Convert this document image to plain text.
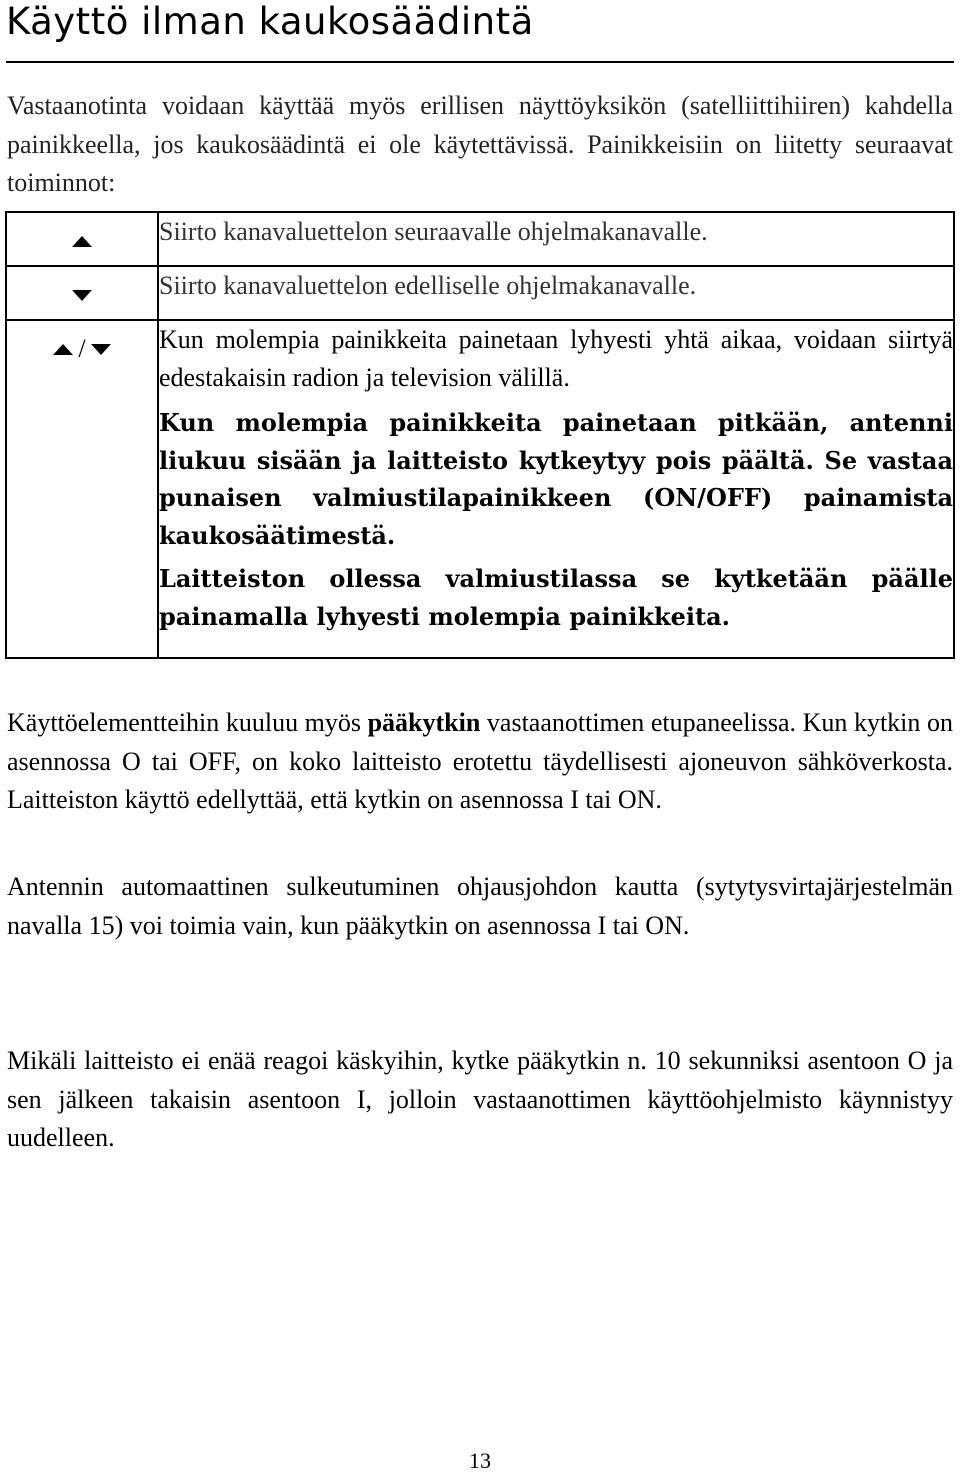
Käyttö ilman kaukosäädintä

Vastaanotinta voidaan käyttää myös erillisen näyttöyksikön (satelliittihiiren) kahdella painikkeella, jos kaukosäädintä ei ole käytettävissä. Painikkeisiin on liitetty seuraavat toiminnot:

	Siirto kanavaluettelon seuraavalle ohjelmakanavalle.

	Siirto kanavaluettelon edelliselle ohjelmakanavalle.

/	Kun molempia painikkeita painetaan lyhyesti yhtä aikaa, voidaan siirtyä edestakaisin radion ja television välillä.

Kun molempia painikkeita painetaan pitkään, antenni liukuu sisään ja laitteisto kytkeytyy pois päältä. Se vastaa punaisen valmiustilapainikkeen (ON/OFF) painamista kaukosäätimestä.

Laitteiston ollessa valmiustilassa se kytketään päälle painamalla lyhyesti molempia painikkeita.

Käyttöelementteihin kuuluu myös pääkytkin vastaanottimen etupaneelissa. Kun kytkin on asennossa O tai OFF, on koko laitteisto erotettu täydellisesti ajoneuvon sähköverkosta. Laitteiston käyttö edellyttää, että kytkin on asennossa I tai ON.

Antennin automaattinen sulkeutuminen ohjausjohdon kautta (sytytysvirtajärjestelmän navalla 15) voi toimia vain, kun pääkytkin on asennossa I tai ON.

Mikäli laitteisto ei enää reagoi käskyihin, kytke pääkytkin n. 10 sekunniksi asentoon O ja sen jälkeen takaisin asentoon I, jolloin vastaanottimen käyttöohjelmisto käynnistyy uudelleen.

13
